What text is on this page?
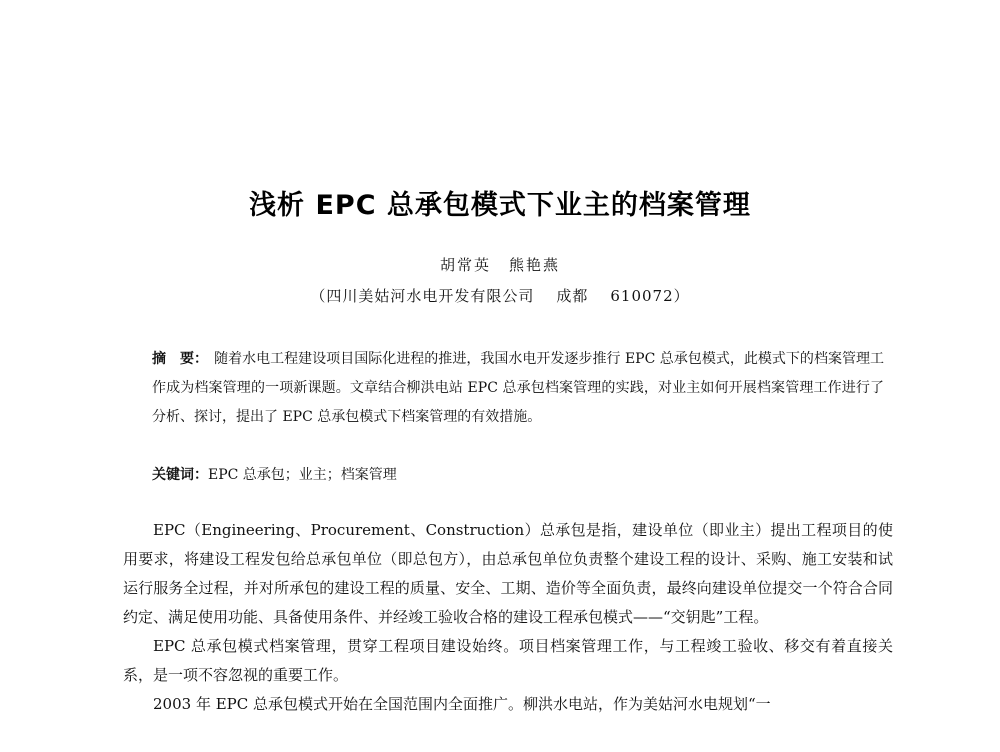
浅析 EPC 总承包模式下业主的档案管理
胡常英 熊艳燕
（四川美姑河水电开发有限公司 成都 610072）
摘　要： 随着水电工程建设项目国际化进程的推进，我国水电开发逐步推行 EPC 总承包模式，此模式下的档案管理工作成为档案管理的一项新课题。文章结合柳洪电站 EPC 总承包档案管理的实践，对业主如何开展档案管理工作进行了分析、探讨，提出了 EPC 总承包模式下档案管理的有效措施。
关键词：EPC 总承包；业主；档案管理

EPC（Engineering、Procurement、Construction）总承包是指，建设单位（即业主）提出工程项目的使用要求，将建设工程发包给总承包单位（即总包方），由总承包单位负责整个建设工程的设计、采购、施工安装和试运行服务全过程，并对所承包的建设工程的质量、安全、工期、造价等全面负责，最终向建设单位提交一个符合合同约定、满足使用功能、具备使用条件、并经竣工验收合格的建设工程承包模式——“交钥匙”工程。

EPC 总承包模式档案管理，贯穿工程项目建设始终。项目档案管理工作，与工程竣工验收、移交有着直接关系，是一项不容忽视的重要工作。

2003 年 EPC 总承包模式开始在全国范围内全面推广。柳洪水电站，作为美姑河水电规划“一
